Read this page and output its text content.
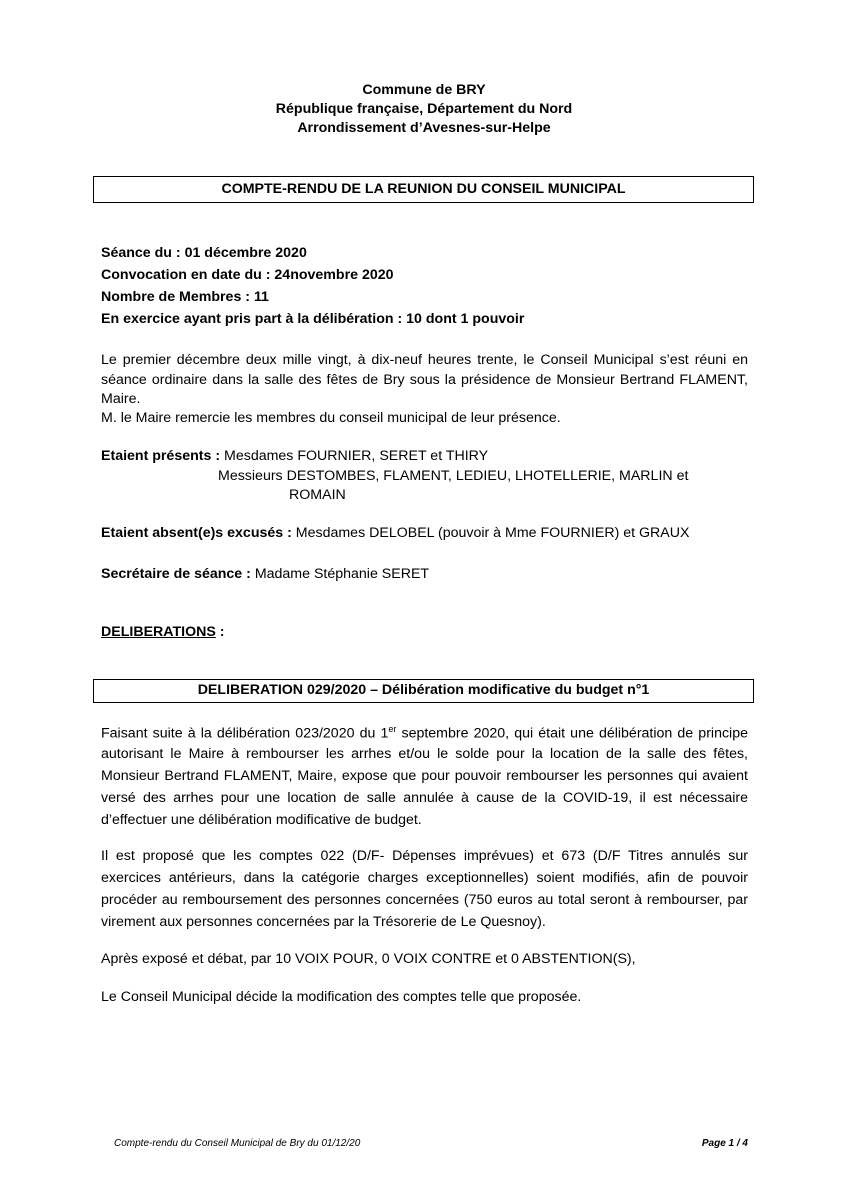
Commune de BRY
République française, Département du Nord
Arrondissement d’Avesnes-sur-Helpe
COMPTE-RENDU DE LA REUNION DU CONSEIL MUNICIPAL
Séance du : 01 décembre 2020
Convocation en date du : 24novembre 2020
Nombre de Membres : 11
En exercice ayant pris part à la délibération : 10 dont 1 pouvoir
Le premier décembre deux mille vingt, à dix-neuf heures trente, le Conseil Municipal s’est réuni en
séance ordinaire dans la salle des fêtes de Bry sous la présidence de Monsieur Bertrand FLAMENT,
Maire.
M. le Maire remercie les membres du conseil municipal de leur présence.
Etaient présents : Mesdames FOURNIER, SERET et THIRY
Messieurs DESTOMBES, FLAMENT, LEDIEU, LHOTELLERIE, MARLIN et
ROMAIN
Etaient absent(e)s excusés : Mesdames DELOBEL (pouvoir à Mme FOURNIER) et GRAUX
Secrétaire de séance : Madame Stéphanie SERET
DELIBERATIONS :
DELIBERATION 029/2020 – Délibération modificative du budget n°1
Faisant suite à la délibération 023/2020 du 1er septembre 2020, qui était une délibération de principe
autorisant le Maire à rembourser les arrhes et/ou le solde pour la location de la salle des fêtes,
Monsieur Bertrand FLAMENT, Maire, expose que pour pouvoir rembourser les personnes qui avaient
versé des arrhes pour une location de salle annulée à cause de la COVID-19, il est nécessaire
d’effectuer une délibération modificative de budget.
Il est proposé que les comptes 022 (D/F- Dépenses imprévues) et 673 (D/F Titres annulés sur
exercices antérieurs, dans la catégorie charges exceptionnelles) soient modifiés, afin de pouvoir
procéder au remboursement des personnes concernées (750 euros au total seront à rembourser, par
virement aux personnes concernées par la Trésorerie de Le Quesnoy).
Après exposé et débat, par 10 VOIX POUR, 0 VOIX CONTRE et 0 ABSTENTION(S),
Le Conseil Municipal décide la modification des comptes telle que proposée.
Compte-rendu du Conseil Municipal de Bry du 01/12/20	Page 1 / 4
